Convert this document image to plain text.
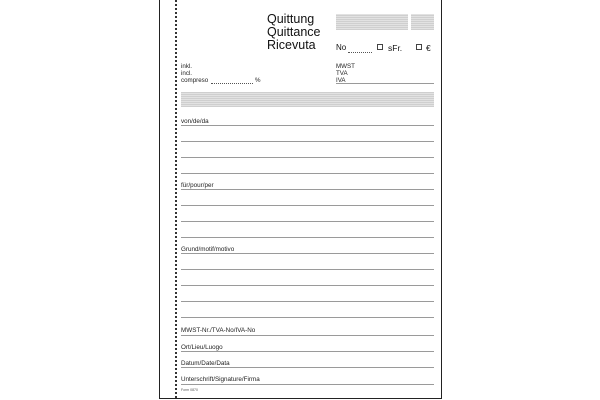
Quittung
Quittance
Ricevuta	No	sFr.	€
inkl.
incl.
compreso	%
MWST
TVA
IVA
von/de/da
für/pour/per
Grund/motif/motivo
MWST-Nr./TVA-No/IVA-No
Ort/Lieu/Luogo
Datum/Date/Data
Unterschrift/Signature/Firma
Form 0870
